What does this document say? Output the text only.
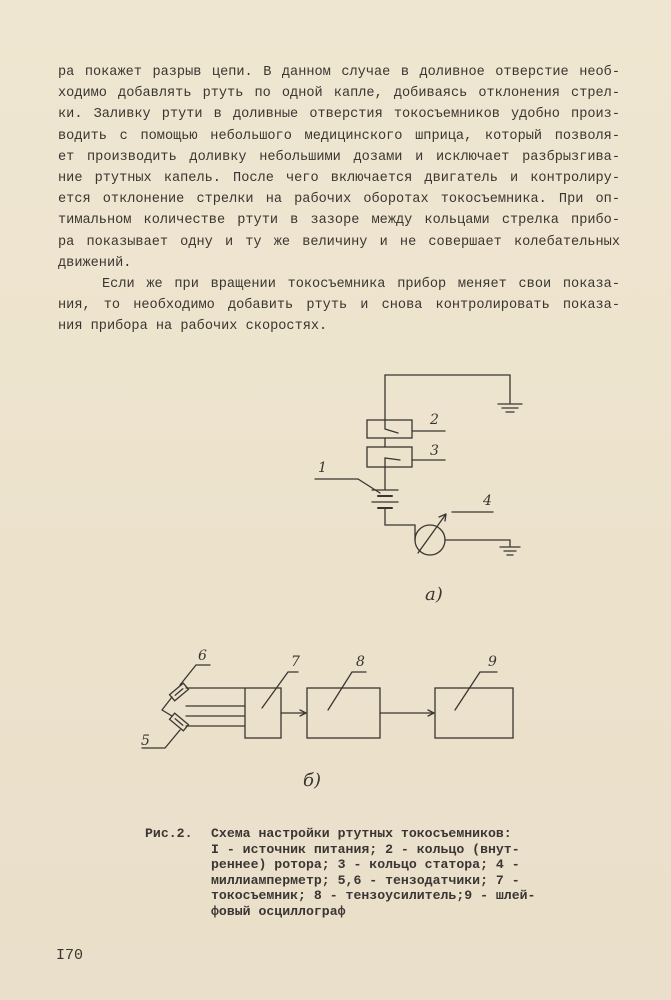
ра покажет разрыв цепи. В данном случае в доливное отверстие необ-
ходимо добавлять ртуть по одной капле, добиваясь отклонения стрел-
ки. Заливку ртути в доливные отверстия токосъемников удобно произ-
водить с помощью небольшого медицинского шприца, который позволя-
ет производить доливку небольшими дозами и исключает разбрызгива-
ние ртутных капель. После чего включается двигатель и контролиру-
ется отклонение стрелки на рабочих оборотах токосъемника. При оп-
тимальном количестве ртути в зазоре между кольцами стрелка прибо-
ра показывает одну и ту же величину и не совершает колебательных
движений.
Если же при вращении токосъемника прибор меняет свои показа-
ния, то необходимо добавить ртуть и снова контролировать показа-
ния прибора на рабочих скоростях.
1
2
3
4
а)
6
5
7	8	9
б)
Рис.2.	Схема настройки ртутных токосъемников:
I - источник питания; 2 - кольцо (внут-
реннее) ротора; 3 - кольцо статора; 4 -
миллиамперметр; 5,6 - тензодатчики; 7 -
токосъемник; 8 - тензоусилитель;9 - шлей-
фовый осциллограф
I70
